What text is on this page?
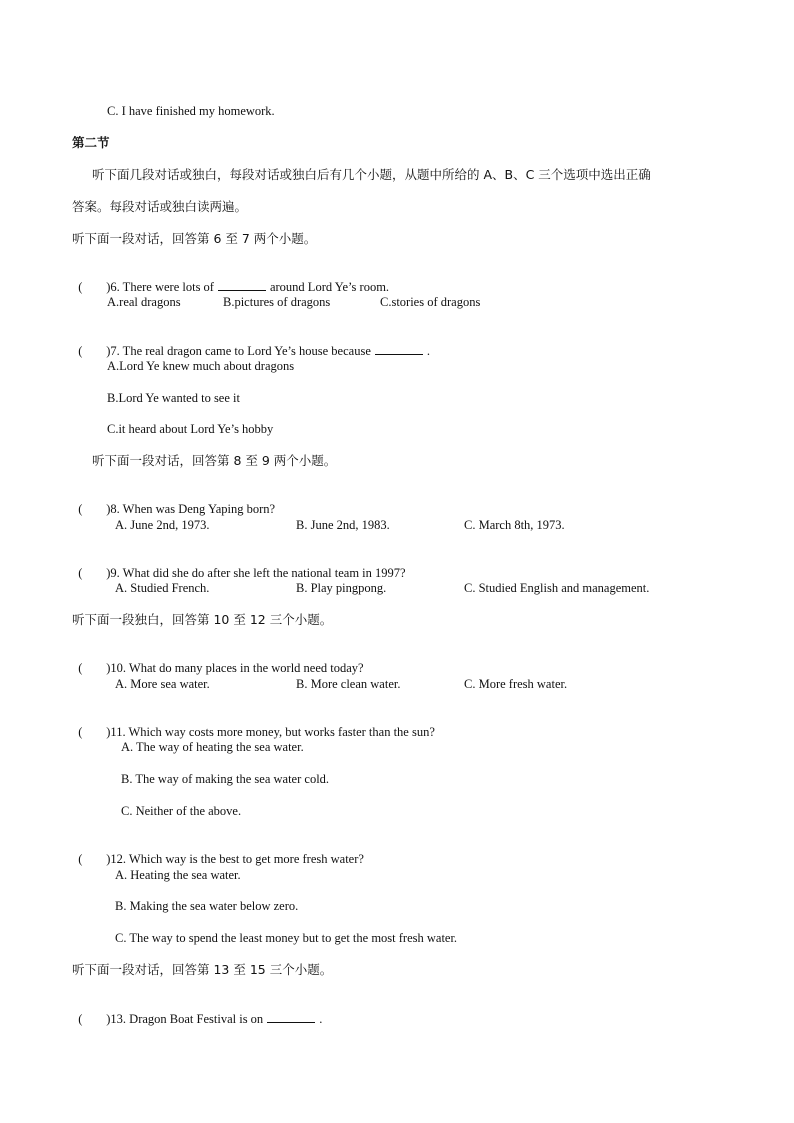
C. I have finished my homework.
第二节
听下面几段对话或独白，每段对话或独白后有几个小题，从题中所给的 A、B、C 三个选项中选出正确
答案。每段对话或独白读两遍。
听下面一段对话，回答第 6 至 7 两个小题。

( )6. There were lots of	around Lord Ye’s room.

A.real dragons	B.pictures of dragons	C.stories of dragons

( )7. The real dragon came to Lord Ye’s house because	.

A.Lord Ye knew much about dragons
B.Lord Ye wanted to see it
C.it heard about Lord Ye’s hobby
听下面一段对话，回答第 8 至 9 两个小题。

( )8. When was Deng Yaping born?

A. June 2nd, 1973.	B. June 2nd, 1983.	C. March 8th, 1973.

( )9. What did she do after she left the national team in 1997?

A. Studied French.	B. Play pingpong.	C. Studied English and management.
听下面一段独白，回答第 10 至 12 三个小题。

( )10. What do many places in the world need today?

A. More sea water.	B. More clean water.	C. More fresh water.

( )11. Which way costs more money, but works faster than the sun?

A. The way of heating the sea water.
B. The way of making the sea water cold.
C. Neither of the above.

( )12. Which way is the best to get more fresh water?

A. Heating the sea water.
B. Making the sea water below zero.
C. The way to spend the least money but to get the most fresh water.
听下面一段对话，回答第 13 至 15 三个小题。

( )13. Dragon Boat Festival is on	.
